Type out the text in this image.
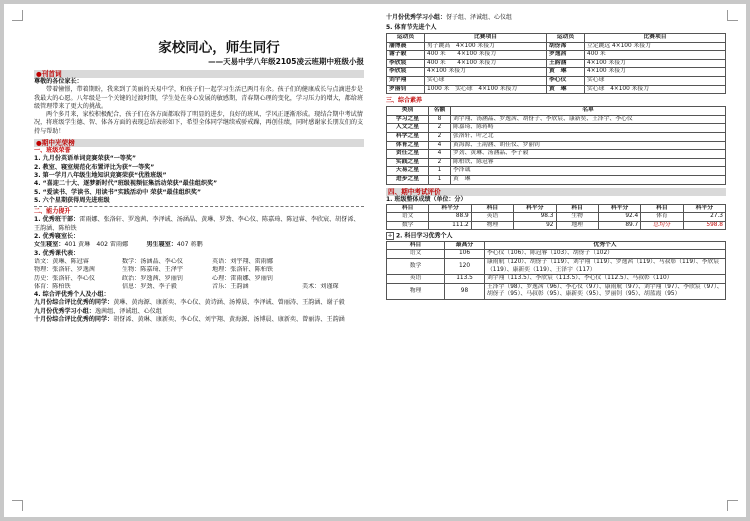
家校同心，师生同行
——天易中学八年级2105凌云班期中班级小报
●刊首词
尊敬的各位家长：
带着憧憬，带着期盼，我来到了美丽的天易中学，和孩子们一起学习生活已两月有余。孩子们的健康成长与点滴进步是我最大的心愿。八年级是一个关键的过渡时期，学生处在身心发展的敏感期，青春期心理的变化，学习压力的增大，都给班级管理带来了更大的挑战。
两个多月来，家校积极配合，孩子们在各方面都取得了明显的进步，良好的班风、学风正逐渐形成。现结合期中考试情况，将班级学生德、智、体各方面的表现总结表彰如下，希望全体同学继续戒骄戒躁，再创佳绩，同时感谢家长朋友们的支持与帮助！
●期中光荣榜
一、班级荣誉
1. 九月份英语单词竞赛荣获“一等奖”
2. 教室、寝室规范化布置评比为获“一等奖”
3. 第一学月八年级生地知识竞赛荣获“优胜班级”
4. “喜迎二十大、逐梦新时代”班级视频征集活动荣获“最佳组织奖”
5. “爱读书、学读书、用读书”实践活动中 荣获“最佳组织奖”
5. 六个星期获得周先进班级
二、能力提升
1. 优秀班干部：雷雨娜、张洛轩、罗逸茜、李泽诚、汤涵晶、黄琳、罗劲、李心仪、陈嘉琦、陈冠睿、李欣宸、胡伢浠、王韵涵、陈柏铁
2. 优秀寝室长：
女生寝室：401 黄琳　402 雷雨娜　　　	男生寝室：407 蒋鹏
3. 优秀课代表：
语文：黄琳、陈冠睿	数学：汤涵晶、李心仪	英语：刘宇翔、雷雨娜
物理：张洛轩、罗逸茜	生物：陈嘉琦、王泽宇	地理：张洛轩、陈柏铁
历史：张洛轩、李心仪	政治：罗逸茜、罗丽钊	心理：雷雨娜、罗丽钊
体育：陈柏铁	信息：罗劲、李子毅	音乐：王韵涵	美术：刘谨琛
4. 综合评优秀个人及小组：
九月份综合评比优秀的同学：黄琳、黄海源、康新奕、李心仪、黄诗涵、汤博晨、李泽诚、曾丽涛、王韵涵、谢子毅
九月份优秀学习小组：逸茜组、泽诚组、心仪组
十月份综合评比优秀的同学：胡伢浠、黄琳、康新奕、李心仪、刘宇翔、黄海源、汤博晨、康新奕、曾丽涛、王韵涵
十月份优秀学习小组：伢子组、泽诚组、心仪组
5. 体育节先进个人
运动员	比赛项目	运动员	比赛项目
潘博晨	男子跳高　4×100 米接力	胡伢浠	立定跳远 4×100 米接力
谢子毅	400 米　　4×100 米接力	罗逸茜	400 米
李欣宸	400 米　　4×100 米接力	王韵涵	4×100 米接力
李欣宸	4×100 米接力	黄　琳	4×100 米接力
刘宇翔	实心球	李心仪	实心球
罗丽钊	1000 米　实心球　4×100 米接力	黄　琳	实心球　4×100 米接力
三、综合素养
类别	名额	名单
学习之星	8	刘宇翔、汤涵晶、罗逸茜、胡伢子、李欣宸、康新奕、王泽宇、李心仪
人文之星	2	陈嘉琦、陈蒋畴
科学之星	2	张洛轩、叶之北
体育之星	4	黄海源、王韵涵、胡佳仪、罗丽钊
责任之星	4	罗劲、黄琳、汤涵晶、李子毅
实践之星	2	陈柏铁、陈冠睿
天易之星	1	李泽诚
进步之星	1	黄　琳
四、期中考试评价
1. 班级整体成绩（单位：分）
科目	科平分	科目	科平分	科目	科平分	科目	科平分
语文	88.9	英语	98.3	生物	92.4	体育	27.3
数学	111.2	物理	92	地理	89.7	总均分	598.8
✛ 2. 科目学习优秀个人
科目	最高分	优秀个人
语文	106	李心仪（106）、陈冠睿（103）、胡伢子（102）
数学	120	康雨航（120）、胡伢子（119）、刘宇翔（119）、罗逸茜（119）、马叔彰（119）、李欣宸（119）、康新奕（119）、王泽宇（117）
英语	113.5	刘宇翔（113.5）、李欣宸（113.5）、李心仪（112.5）、马叔彰（110）
物理	98	王泽宇（98）、罗逸茜（96）、李心仪（97）、康雨航（97）、刘宇翔（97）、李欣宸（97）、胡伢子（95）、马叔彰（95）、康新奕（95）、罗丽钊（95）、胡蓝霞（95）
